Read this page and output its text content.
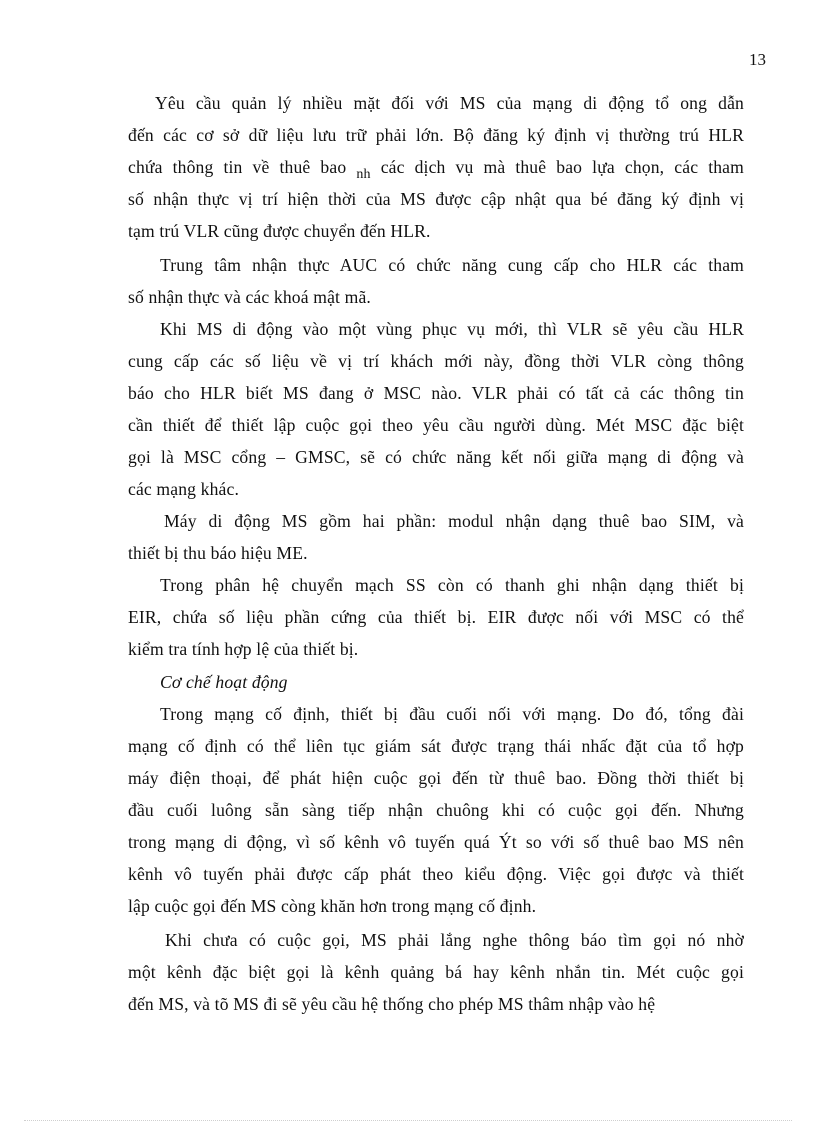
13
Yêu cầu quản lý nhiều mặt đối với MS của mạng di động tổ ong dẫn
đến các cơ sở dữ liệu lưu trữ phải lớn. Bộ đăng ký định vị thường trú HLR
chứa thông tin về thuê bao $_{nh}$ các dịch vụ mà thuê bao lựa chọn, các tham
số nhận thực vị trí hiện thời của MS được cập nhật qua bé đăng ký định vị
tạm trú VLR cũng được chuyển đến HLR.
Trung tâm nhận thực AUC có chức năng cung cấp cho HLR các tham
số nhận thực và các khoá mật mã.
Khi MS di động vào một vùng phục vụ mới, thì VLR sẽ yêu cầu HLR
cung cấp các số liệu về vị trí khách mới này, đồng thời VLR còng thông
báo cho HLR biết MS đang ở MSC nào. VLR phải có tất cả các thông tin
cần thiết để thiết lập cuộc gọi theo yêu cầu người dùng. Mét MSC đặc biệt
gọi là MSC cổng – GMSC, sẽ có chức năng kết nối giữa mạng di động và
các mạng khác.
Máy di động MS gồm hai phần: modul nhận dạng thuê bao SIM, và
thiết bị thu báo hiệu ME.
Trong phân hệ chuyển mạch SS còn có thanh ghi nhận dạng thiết bị
EIR, chứa số liệu phần cứng của thiết bị. EIR được nối với MSC có thể
kiểm tra tính hợp lệ của thiết bị.
Cơ chế hoạt động
Trong mạng cố định, thiết bị đầu cuối nối với mạng. Do đó, tổng đài
mạng cố định có thể liên tục giám sát được trạng thái nhấc đặt của tổ hợp
máy điện thoại, để phát hiện cuộc gọi đến từ thuê bao. Đồng thời thiết bị
đầu cuối luông sẵn sàng tiếp nhận chuông khi có cuộc gọi đến. Nhưng
trong mạng di động, vì số kênh vô tuyến quá Ýt so với số thuê bao MS nên
kênh vô tuyến phải được cấp phát theo kiểu động. Việc gọi được và thiết
lập cuộc gọi đến MS còng khăn hơn trong mạng cố định.
Khi chưa có cuộc gọi, MS phải lắng nghe thông báo tìm gọi nó nhờ
một kênh đặc biệt gọi là kênh quảng bá hay kênh nhắn tin. Mét cuộc gọi
đến MS, và tõ MS đi sẽ yêu cầu hệ thống cho phép MS thâm nhập vào hệ
